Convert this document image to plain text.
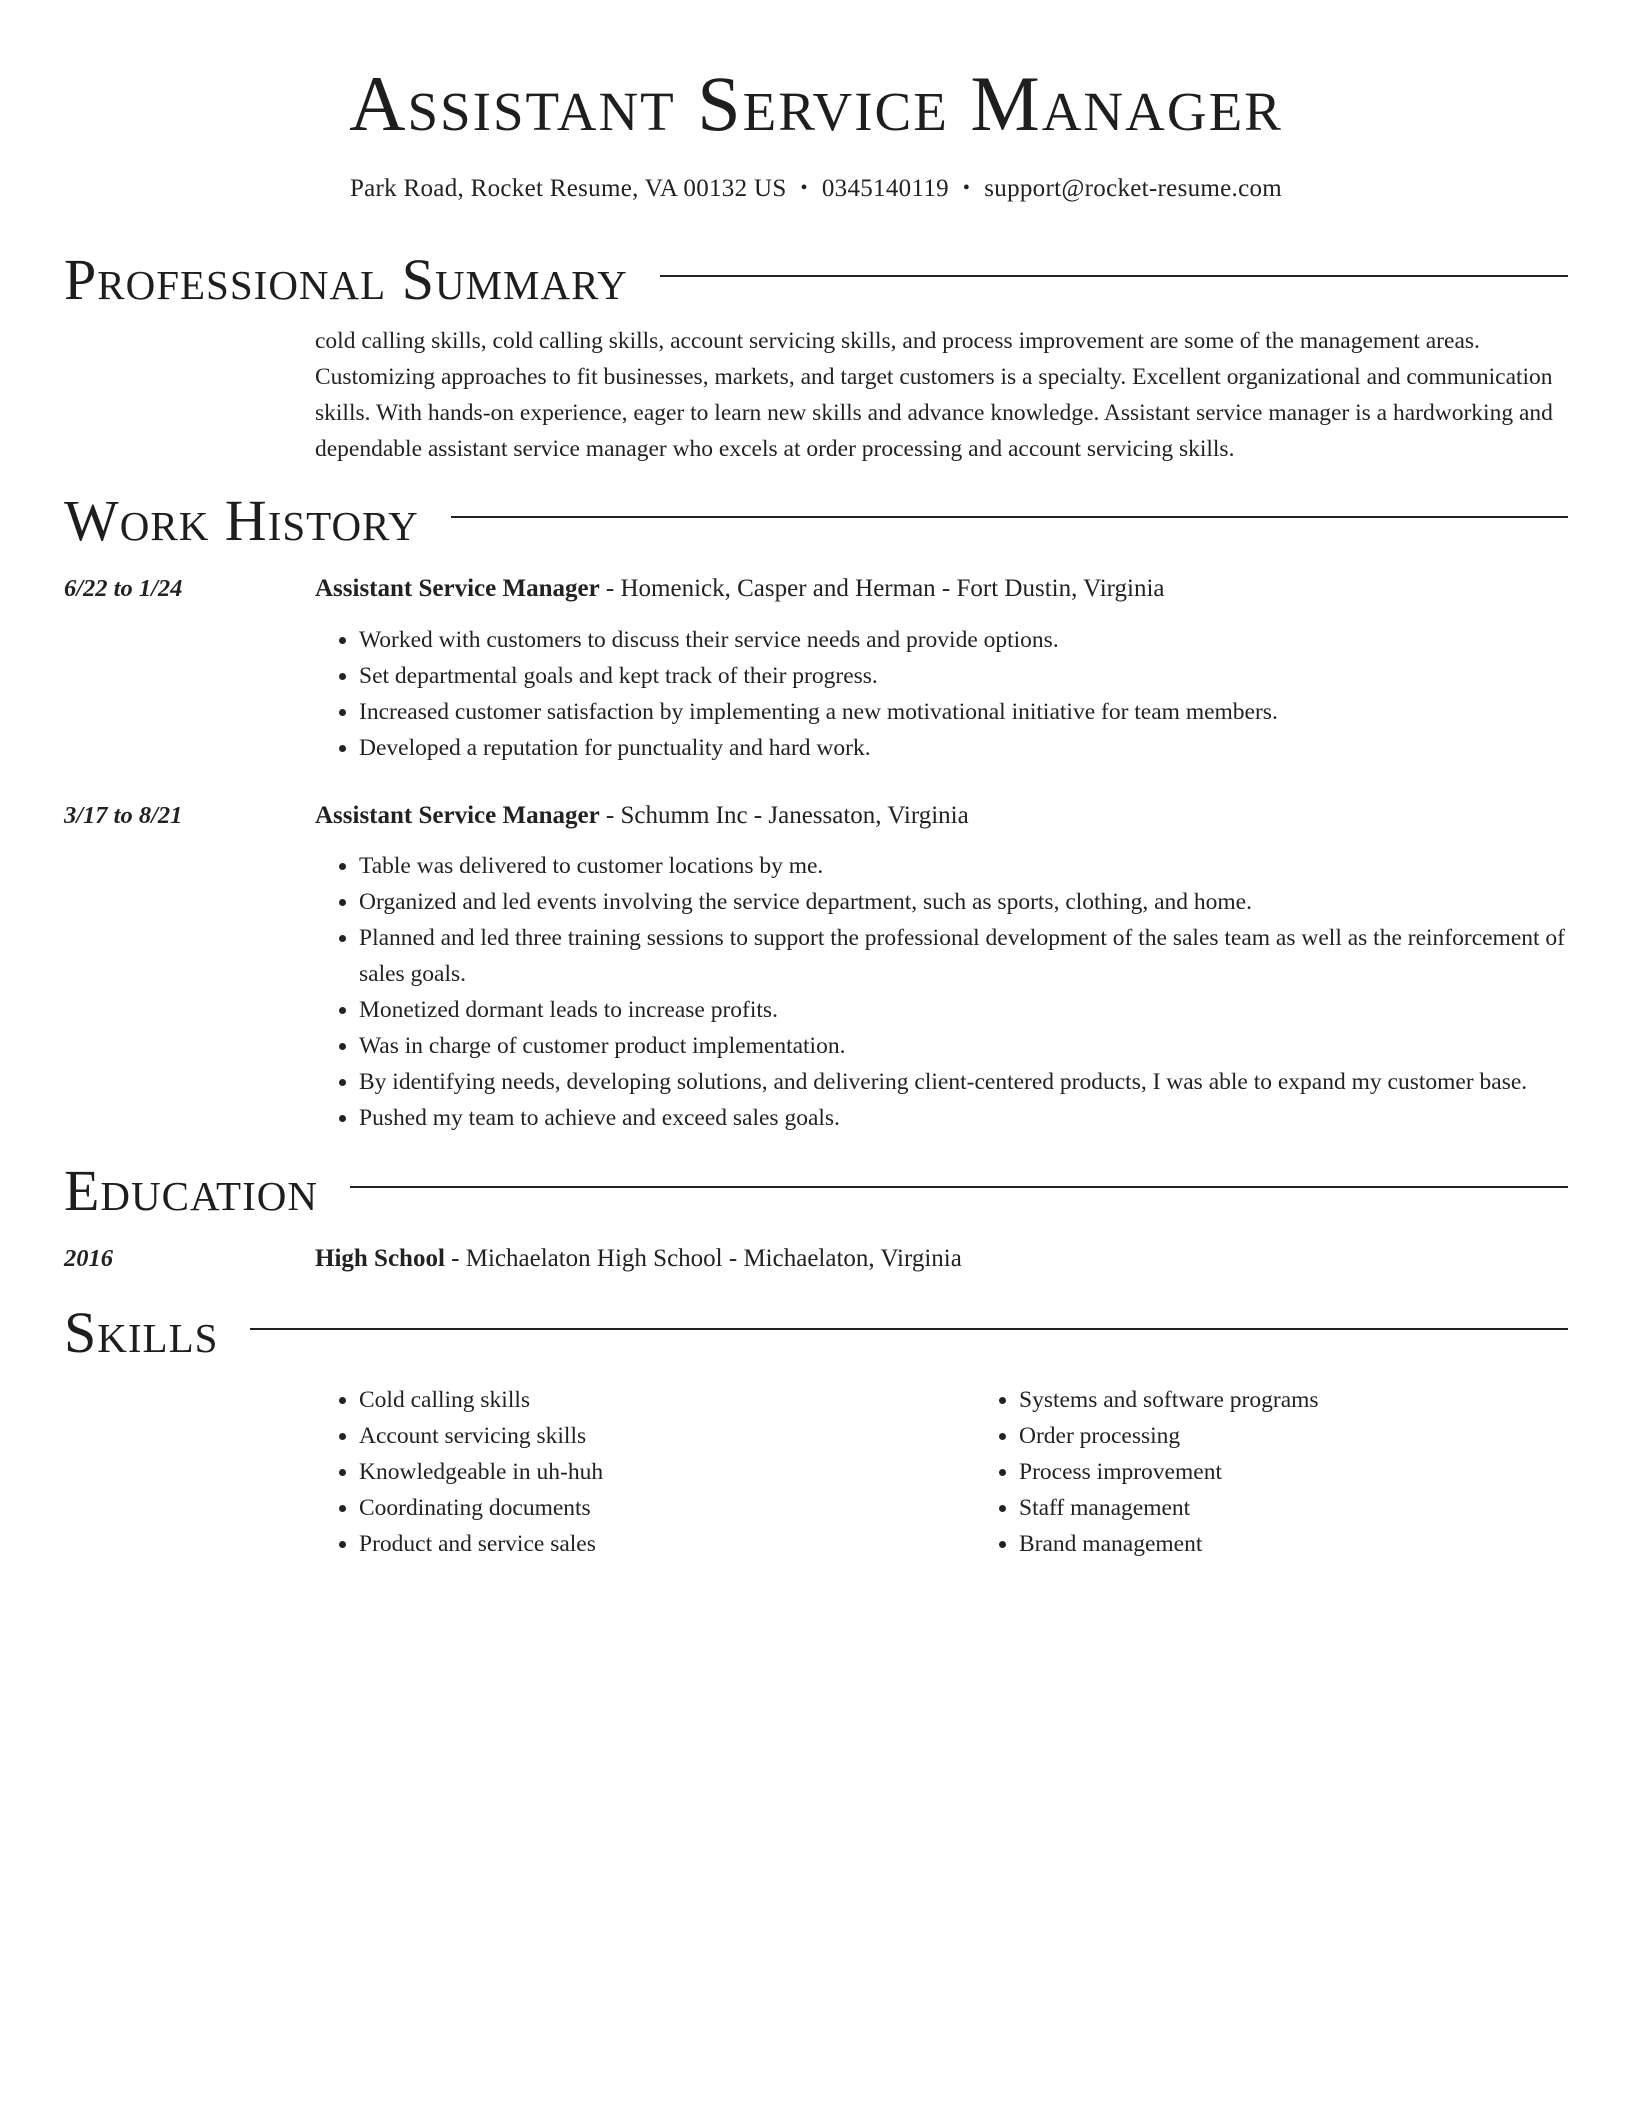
Assistant Service Manager
Park Road, Rocket Resume, VA 00132 US • 0345140119 • support@rocket-resume.com
Professional Summary
cold calling skills, cold calling skills, account servicing skills, and process improvement are some of the management areas. Customizing approaches to fit businesses, markets, and target customers is a specialty. Excellent organizational and communication skills. With hands-on experience, eager to learn new skills and advance knowledge. Assistant service manager is a hardworking and dependable assistant service manager who excels at order processing and account servicing skills.
Work History
6/22 to 1/24	Assistant Service Manager - Homenick, Casper and Herman - Fort Dustin, Virginia
• Worked with customers to discuss their service needs and provide options.
• Set departmental goals and kept track of their progress.
• Increased customer satisfaction by implementing a new motivational initiative for team members.
• Developed a reputation for punctuality and hard work.
3/17 to 8/21	Assistant Service Manager - Schumm Inc - Janessaton, Virginia
• Table was delivered to customer locations by me.
• Organized and led events involving the service department, such as sports, clothing, and home.
• Planned and led three training sessions to support the professional development of the sales team as well as the reinforcement of sales goals.
• Monetized dormant leads to increase profits.
• Was in charge of customer product implementation.
• By identifying needs, developing solutions, and delivering client-centered products, I was able to expand my customer base.
• Pushed my team to achieve and exceed sales goals.
Education
2016	High School - Michaelaton High School - Michaelaton, Virginia
Skills
• Cold calling skills
• Account servicing skills
• Knowledgeable in uh-huh
• Coordinating documents
• Product and service sales
• Systems and software programs
• Order processing
• Process improvement
• Staff management
• Brand management
